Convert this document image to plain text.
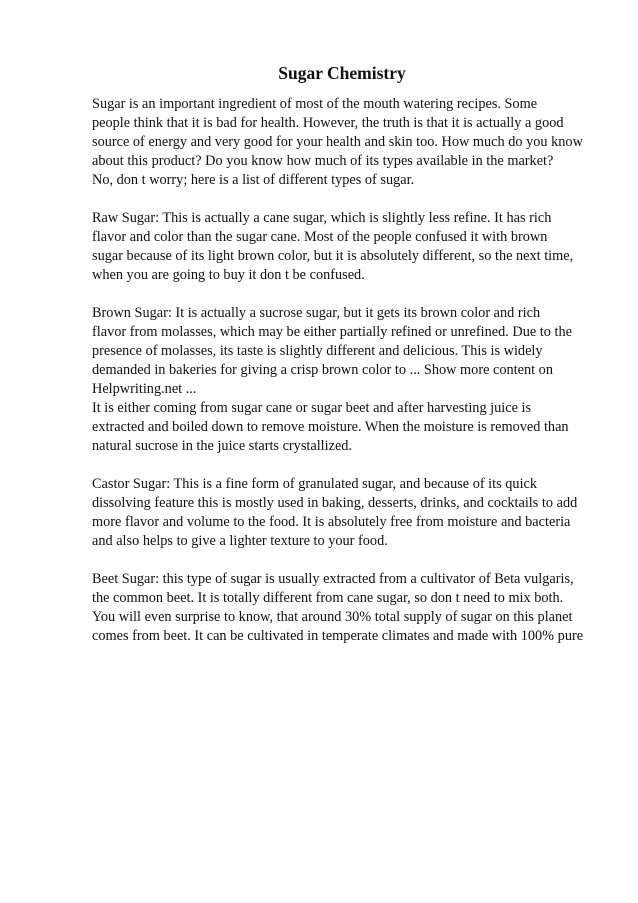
Sugar Chemistry

Sugar is an important ingredient of most of the mouth watering recipes. Some
people think that it is bad for health. However, the truth is that it is actually a good
source of energy and very good for your health and skin too. How much do you know
about this product? Do you know how much of its types available in the market?
No, don t worry; here is a list of different types of sugar.

Raw Sugar: This is actually a cane sugar, which is slightly less refine. It has rich
flavor and color than the sugar cane. Most of the people confused it with brown
sugar because of its light brown color, but it is absolutely different, so the next time,
when you are going to buy it don t be confused.

Brown Sugar: It is actually a sucrose sugar, but it gets its brown color and rich
flavor from molasses, which may be either partially refined or unrefined. Due to the
presence of molasses, its taste is slightly different and delicious. This is widely
demanded in bakeries for giving a crisp brown color to ... Show more content on
Helpwriting.net ...
It is either coming from sugar cane or sugar beet and after harvesting juice is
extracted and boiled down to remove moisture. When the moisture is removed than
natural sucrose in the juice starts crystallized.

Castor Sugar: This is a fine form of granulated sugar, and because of its quick
dissolving feature this is mostly used in baking, desserts, drinks, and cocktails to add
more flavor and volume to the food. It is absolutely free from moisture and bacteria
and also helps to give a lighter texture to your food.

Beet Sugar: this type of sugar is usually extracted from a cultivator of Beta vulgaris,
the common beet. It is totally different from cane sugar, so don t need to mix both.
You will even surprise to know, that around 30% total supply of sugar on this planet
comes from beet. It can be cultivated in temperate climates and made with 100% pure
